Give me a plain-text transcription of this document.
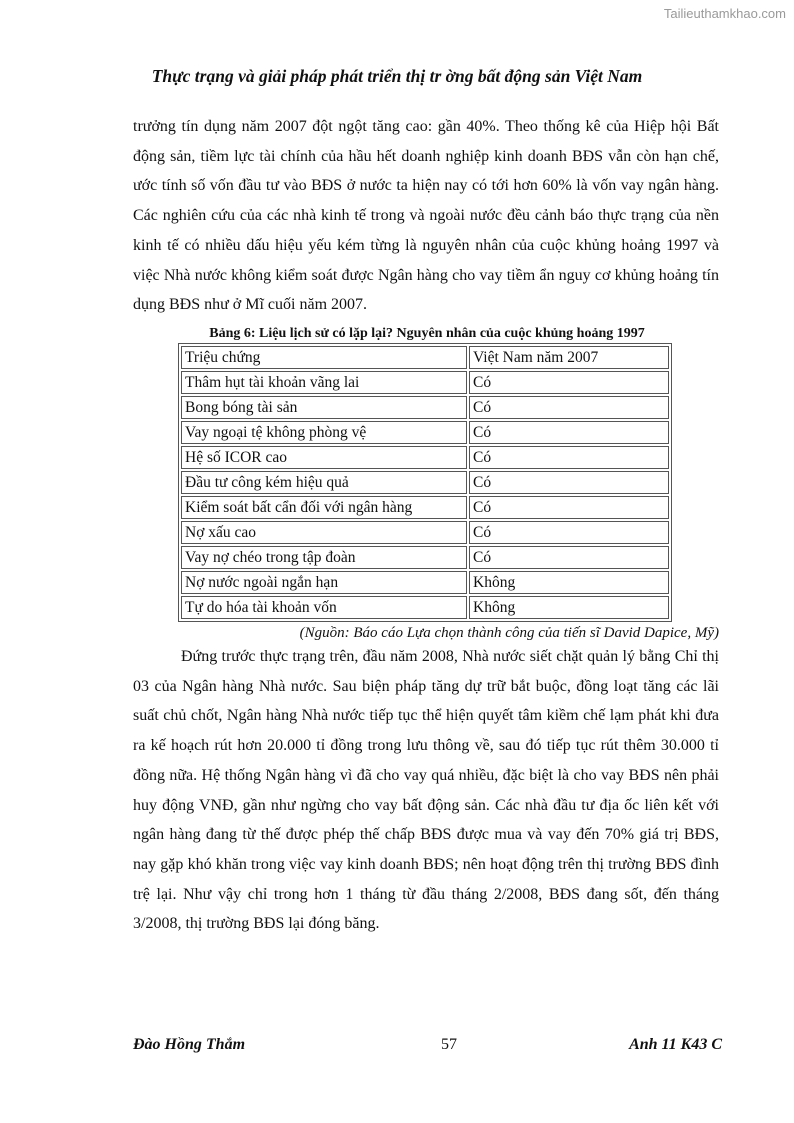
Tailieuthamkhao.com
Thực trạng và giải pháp phát triển thị tr ờng bất động sản Việt Nam

trưởng tín dụng năm 2007 đột ngột tăng cao: gần 40%. Theo thống kê của Hiệp hội Bất động sản, tiềm lực tài chính của hầu hết doanh nghiệp kinh doanh BĐS vẫn còn hạn chế, ước tính số vốn đầu tư vào BĐS ở nước ta hiện nay có tới hơn 60% là vốn vay ngân hàng. Các nghiên cứu của các nhà kinh tế trong và ngoài nước đều cảnh báo thực trạng của nền kinh tế có nhiều dấu hiệu yếu kém từng là nguyên nhân của cuộc khủng hoảng 1997 và việc Nhà nước không kiểm soát được Ngân hàng cho vay tiềm ẩn nguy cơ khủng hoảng tín dụng BĐS như ở Mĩ cuối năm 2007.

Bảng 6: Liệu lịch sử có lặp lại? Nguyên nhân của cuộc khủng hoảng 1997
Triệu chứng	Việt Nam năm 2007
Thâm hụt tài khoản vãng lai	Có
Bong bóng tài sản	Có
Vay ngoại tệ không phòng vệ	Có
Hệ số ICOR cao	Có
Đầu tư công kém hiệu quả	Có
Kiểm soát bất cẩn đối với ngân hàng	Có
Nợ xấu cao	Có
Vay nợ chéo trong tập đoàn	Có
Nợ nước ngoài ngắn hạn	Không
Tự do hóa tài khoản vốn	Không
(Nguồn: Báo cáo Lựa chọn thành công của tiến sĩ David Dapice, Mỹ)

Đứng trước thực trạng trên, đầu năm 2008, Nhà nước siết chặt quản lý bằng Chỉ thị 03 của Ngân hàng Nhà nước. Sau biện pháp tăng dự trữ bắt buộc, đồng loạt tăng các lãi suất chủ chốt, Ngân hàng Nhà nước tiếp tục thể hiện quyết tâm kiềm chế lạm phát khi đưa ra kế hoạch rút hơn 20.000 tỉ đồng trong lưu thông về, sau đó tiếp tục rút thêm 30.000 tỉ đồng nữa. Hệ thống Ngân hàng vì đã cho vay quá nhiều, đặc biệt là cho vay BĐS nên phải huy động VNĐ, gần như ngừng cho vay bất động sản. Các nhà đầu tư địa ốc liên kết với ngân hàng đang từ thế được phép thế chấp BĐS được mua và vay đến 70% giá trị BĐS, nay gặp khó khăn trong việc vay kinh doanh BĐS; nên hoạt động trên thị trường BĐS đình trệ lại. Như vậy chỉ trong hơn 1 tháng từ đầu tháng 2/2008, BĐS đang sốt, đến tháng 3/2008, thị trường BĐS lại đóng băng.

Đào Hồng Thắm	57	Anh 11 K43 C
